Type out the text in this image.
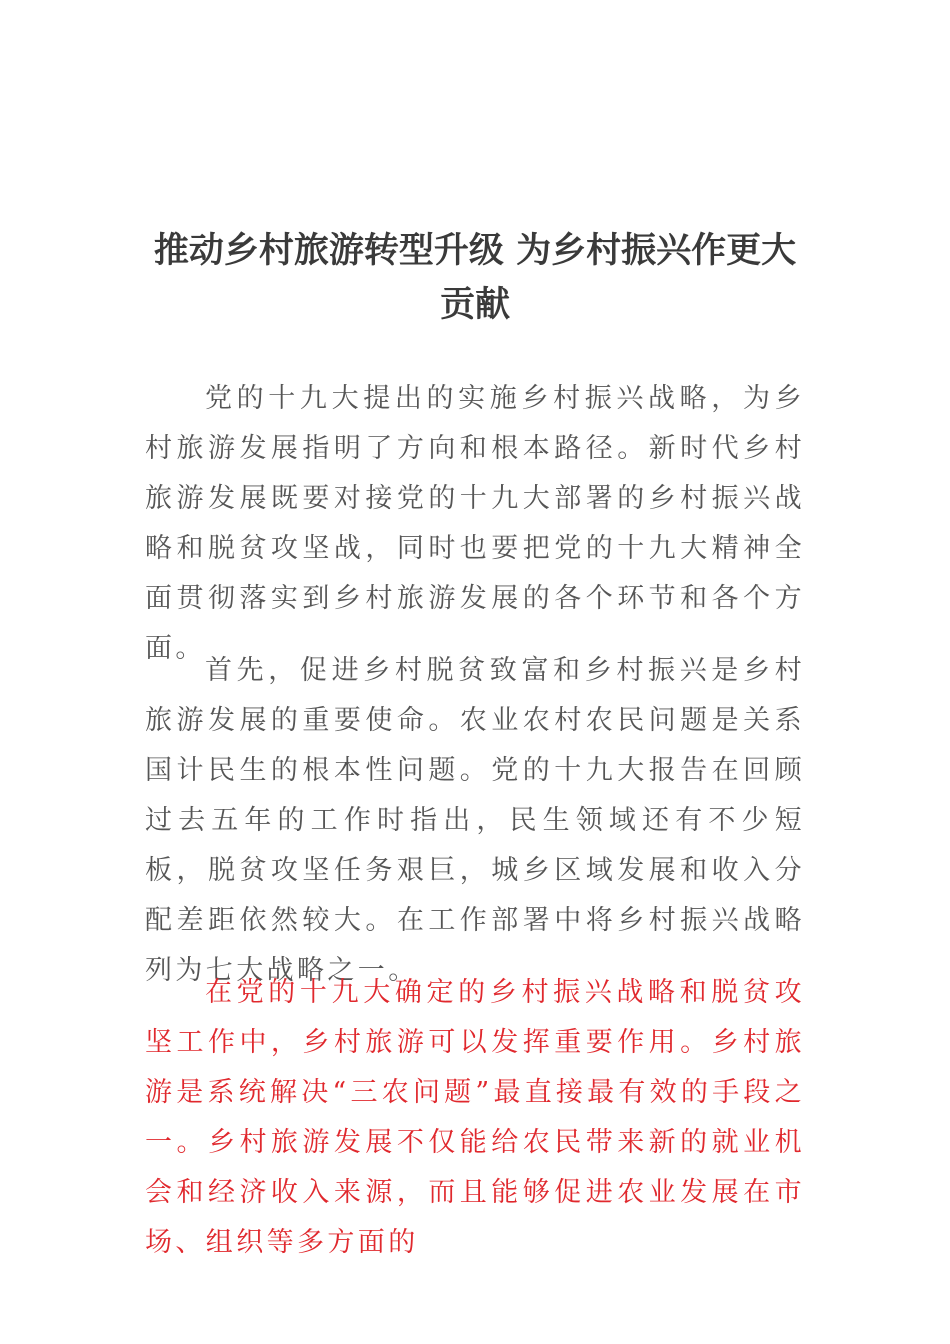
推动乡村旅游转型升级 为乡村振兴作更大贡献

党的十九大提出的实施乡村振兴战略，为乡村旅游发展指明了方向和根本路径。新时代乡村旅游发展既要对接党的十九大部署的乡村振兴战略和脱贫攻坚战，同时也要把党的十九大精神全面贯彻落实到乡村旅游发展的各个环节和各个方面。

首先，促进乡村脱贫致富和乡村振兴是乡村旅游发展的重要使命。农业农村农民问题是关系国计民生的根本性问题。党的十九大报告在回顾过去五年的工作时指出，民生领域还有不少短板，脱贫攻坚任务艰巨，城乡区域发展和收入分配差距依然较大。在工作部署中将乡村振兴战略列为七大战略之一。

在党的十九大确定的乡村振兴战略和脱贫攻坚工作中，乡村旅游可以发挥重要作用。乡村旅游是系统解决“三农问题”最直接最有效的手段之一。乡村旅游发展不仅能给农民带来新的就业机会和经济收入来源，而且能够促进农业发展在市场、组织等多方面的
